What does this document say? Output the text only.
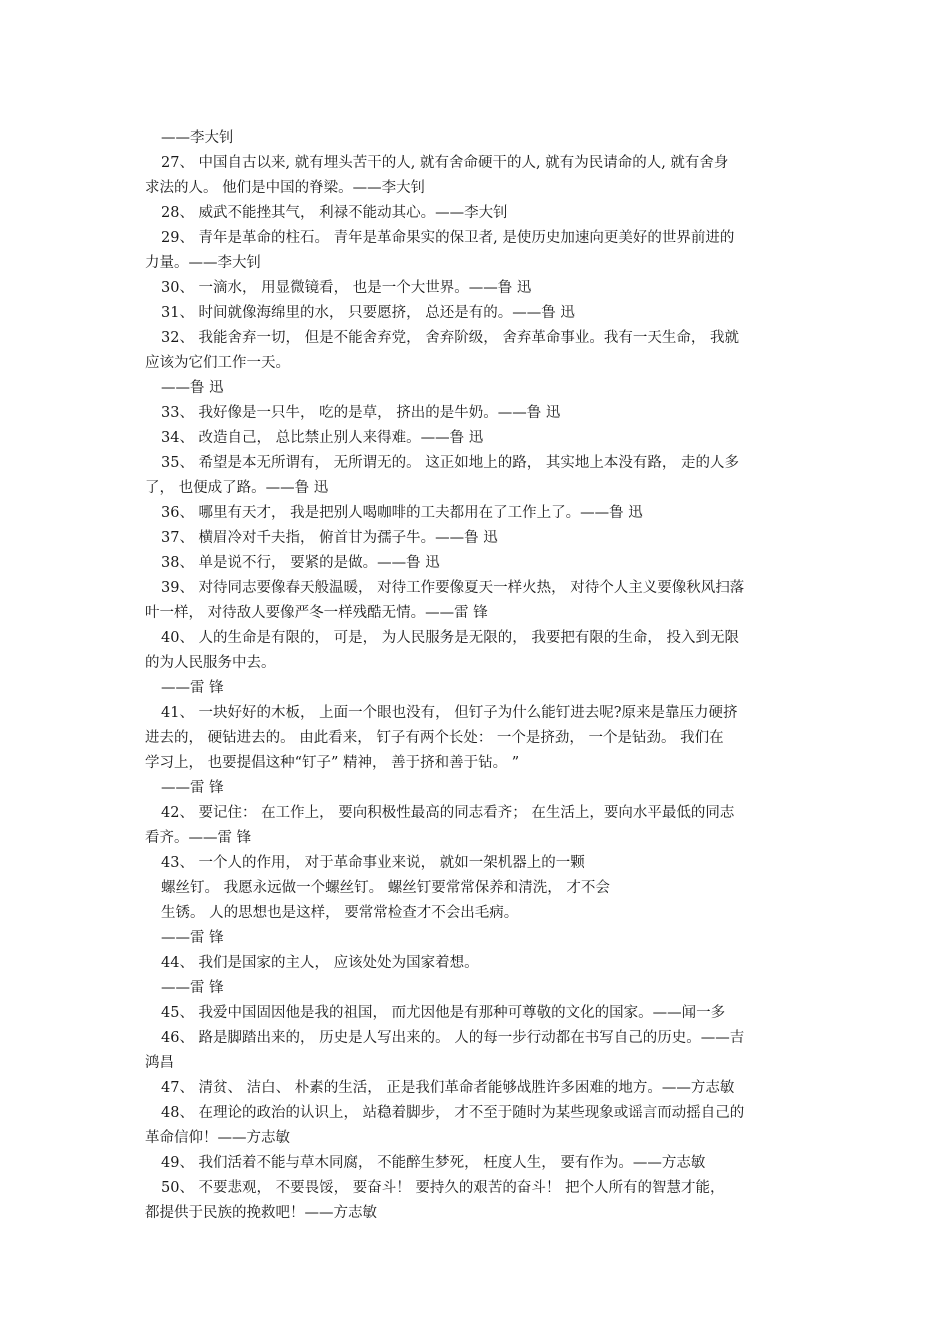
——李大钊
27、 中国自古以来, 就有埋头苦干的人, 就有舍命硬干的人, 就有为民请命的人, 就有舍身
求法的人。 他们是中国的脊梁。——李大钊
28、 威武不能挫其气， 利禄不能动其心。——李大钊
29、 青年是革命的柱石。 青年是革命果实的保卫者, 是使历史加速向更美好的世界前进的
力量。——李大钊
30、 一滴水， 用显微镜看， 也是一个大世界。——鲁 迅
31、 时间就像海绵里的水， 只要愿挤， 总还是有的。——鲁 迅
32、 我能舍弃一切， 但是不能舍弃党， 舍弃阶级， 舍弃革命事业。我有一天生命， 我就
应该为它们工作一天。
——鲁 迅
33、 我好像是一只牛， 吃的是草， 挤出的是牛奶。——鲁 迅
34、 改造自己， 总比禁止别人来得难。——鲁 迅
35、 希望是本无所谓有， 无所谓无的。 这正如地上的路， 其实地上本没有路， 走的人多
了， 也便成了路。——鲁 迅
36、 哪里有天才， 我是把别人喝咖啡的工夫都用在了工作上了。——鲁 迅
37、 横眉冷对千夫指， 俯首甘为孺子牛。——鲁 迅
38、 单是说不行， 要紧的是做。——鲁 迅
39、 对待同志要像春天般温暖， 对待工作要像夏天一样火热， 对待个人主义要像秋风扫落
叶一样， 对待敌人要像严冬一样残酷无情。——雷 锋
40、 人的生命是有限的， 可是， 为人民服务是无限的， 我要把有限的生命， 投入到无限
的为人民服务中去。
——雷 锋
41、 一块好好的木板， 上面一个眼也没有， 但钉子为什么能钉进去呢?原来是靠压力硬挤
进去的， 硬钻进去的。 由此看来， 钉子有两个长处： 一个是挤劲， 一个是钻劲。 我们在
学习上， 也要提倡这种“钉子” 精神， 善于挤和善于钻。 ”
——雷 锋
42、 要记住： 在工作上， 要向积极性最高的同志看齐； 在生活上，要向水平最低的同志
看齐。——雷 锋
43、 一个人的作用， 对于革命事业来说， 就如一架机器上的一颗
螺丝钉。 我愿永远做一个螺丝钉。 螺丝钉要常常保养和清洗， 才不会
生锈。 人的思想也是这样， 要常常检查才不会出毛病。
——雷 锋
44、 我们是国家的主人， 应该处处为国家着想。
——雷 锋
45、 我爱中国固因他是我的祖国， 而尤因他是有那种可尊敬的文化的国家。——闻一多
46、 路是脚踏出来的， 历史是人写出来的。 人的每一步行动都在书写自己的历史。——吉
鸿昌
47、 清贫、 洁白、 朴素的生活， 正是我们革命者能够战胜许多困难的地方。——方志敏
48、 在理论的政治的认识上， 站稳着脚步， 才不至于随时为某些现象或谣言而动摇自己的
革命信仰！——方志敏
49、 我们活着不能与草木同腐， 不能醉生梦死， 枉度人生， 要有作为。——方志敏
50、 不要悲观， 不要畏馁， 要奋斗！ 要持久的艰苦的奋斗！ 把个人所有的智慧才能，
都提供于民族的挽救吧！——方志敏
